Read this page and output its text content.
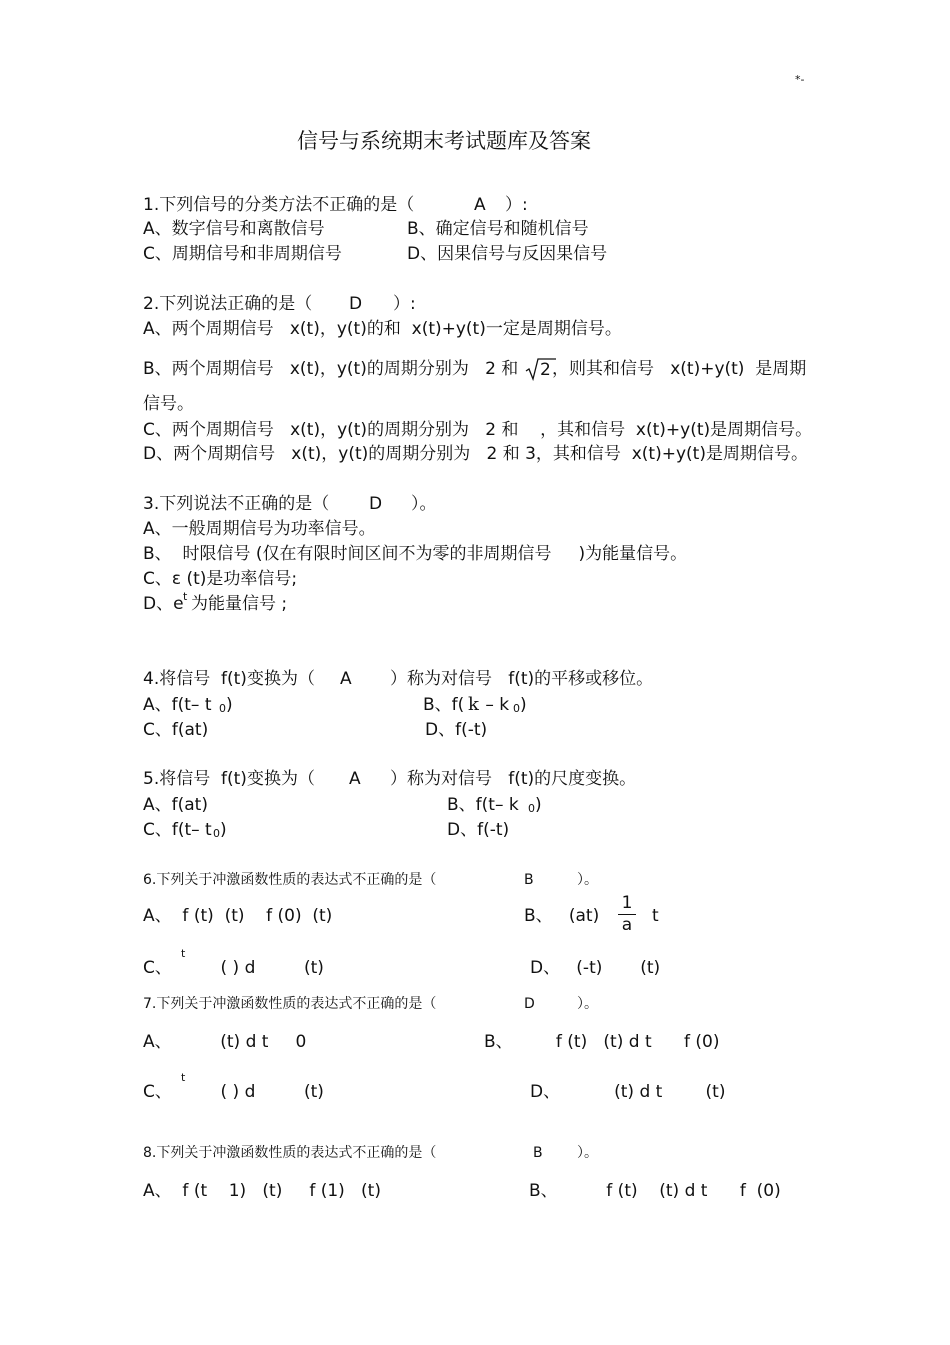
*-
信号与系统期末考试题库及答案
1.下列信号的分类方法不正确的是（	A ）:
A、数字信号和离散信号	B、确定信号和随机信号
C、周期信号和非周期信号	D、因果信号与反因果信号
2.下列说法正确的是（ D ）:
A、两个周期信号   x(t)，y(t)的和  x(t)+y(t)一定是周期信号。
B、两个周期信号   x(t)，y(t)的周期分别为   2 和 2 ，则其和信号   x(t)+y(t)  是周期
信号。
C、两个周期信号   x(t)，y(t)的周期分别为   2 和    ，其和信号  x(t)+y(t)是周期信号。
D、两个周期信号   x(t)，y(t)的周期分别为   2 和 3，其和信号  x(t)+y(t)是周期信号。
3.下列说法不正确的是（ D ）。
A、一般周期信号为功率信号。
B、  时限信号 (仅在有限时间区间不为零的非周期信号     )为能量信号。
C、ε (t)是功率信号;
D、e t 为能量信号 ;
4.将信号  f(t)变换为（ A ）称为对信号   f(t)的平移或移位。
A、f(t– t 0 )	B、f( k – k 0 )
C、f(at)	D、f(-t)
5.将信号  f(t)变换为（ A ）称为对信号   f(t)的尺度变换。
A、f(at)	B、f(t– k 0 )
C、f(t– t 0 )	D、f(-t)
6.下列关于冲激函数性质的表达式不正确的是（	B	）。
A、  f (t)  (t)    f (0)  (t)	B、   (at)
1
a t
t
C、         ( ) d         (t)	D、   (-t)       (t)
7.下列关于冲激函数性质的表达式不正确的是（	D	）。
A、         (t) d t     0	B、        f (t)   (t) d t      f (0)
t
C、         ( ) d         (t)	D、          (t) d t        (t)
8.下列关于冲激函数性质的表达式不正确的是（	B ）。
A、  f (t    1)   (t)     f (1)   (t)	B、         f (t)    (t) d t      f  (0)
